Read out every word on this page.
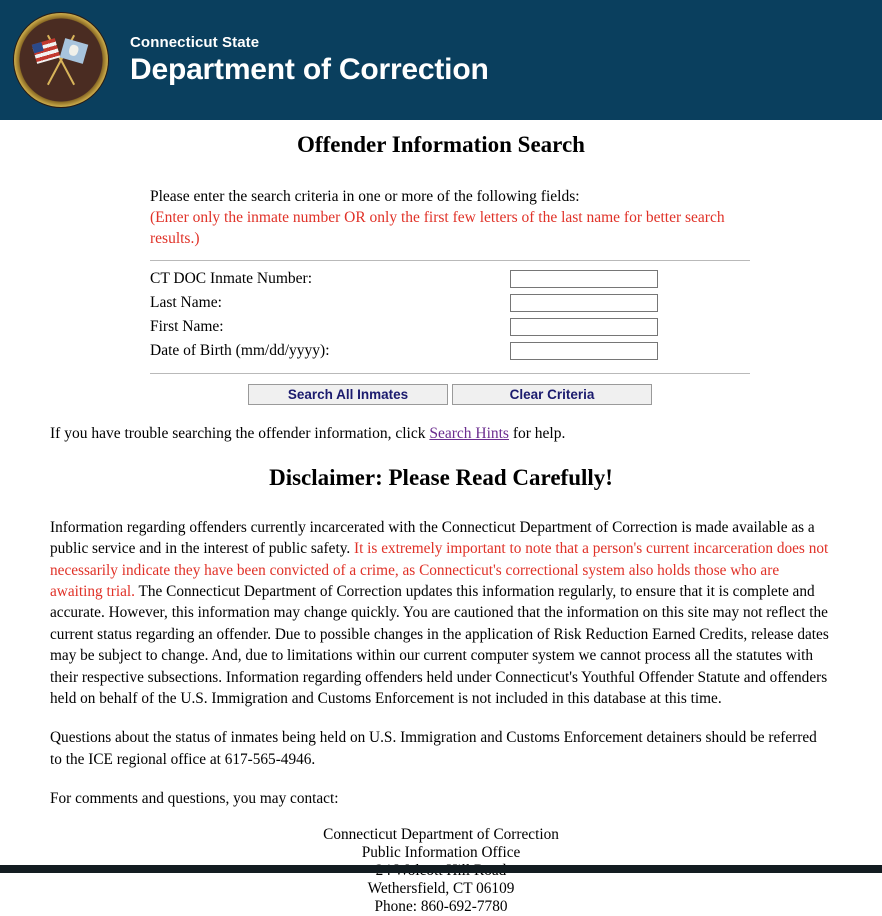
Connecticut State
Department of Correction
Offender Information Search
Please enter the search criteria in one or more of the following fields:
(Enter only the inmate number OR only the first few letters of the last name for better search results.)
CT DOC Inmate Number:
Last Name:
First Name:
Date of Birth (mm/dd/yyyy):
Search All Inmates	Clear Criteria
If you have trouble searching the offender information, click Search Hints for help.
Disclaimer: Please Read Carefully!

Information regarding offenders currently incarcerated with the Connecticut Department of Correction is made available as a public service and in the interest of public safety. It is extremely important to note that a person's current incarceration does not necessarily indicate they have been convicted of a crime, as Connecticut's correctional system also holds those who are awaiting trial. The Connecticut Department of Correction updates this information regularly, to ensure that it is complete and accurate. However, this information may change quickly. You are cautioned that the information on this site may not reflect the current status regarding an offender. Due to possible changes in the application of Risk Reduction Earned Credits, release dates may be subject to change. And, due to limitations within our current computer system we cannot process all the statutes with their respective subsections. Information regarding offenders held under Connecticut's Youthful Offender Statute and offenders held on behalf of the U.S. Immigration and Customs Enforcement is not included in this database at this time.

Questions about the status of inmates being held on U.S. Immigration and Customs Enforcement detainers should be referred to the ICE regional office at 617-565-4946.

For comments and questions, you may contact:

Connecticut Department of Correction
Public Information Office
Wethersfield, CT 06109
Phone: 860-692-7780
